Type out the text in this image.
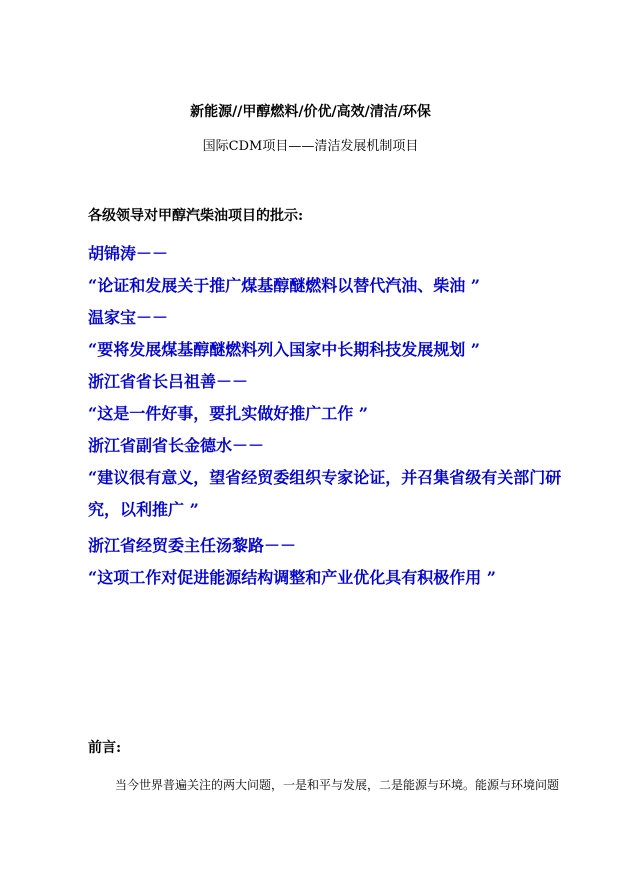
新能源//甲醇燃料/价优/高效/清洁/环保
国际CDM项目——清洁发展机制项目
各级领导对甲醇汽柴油项目的批示:
胡锦涛－－
“论证和发展关于推广煤基醇醚燃料以替代汽油、柴油 ”
温家宝－－
“要将发展煤基醇醚燃料列入国家中长期科技发展规划 ”
浙江省省长吕祖善－－
“这是一件好事，要扎实做好推广工作 ”
浙江省副省长金德水－－
“建议很有意义，望省经贸委组织专家论证，并召集省级有关部门研究，以利推广 ”
浙江省经贸委主任汤黎路－－
“这项工作对促进能源结构调整和产业优化具有积极作用 ”
前言:
当今世界普遍关注的两大问题，一是和平与发展，二是能源与环境。能源与环境问题
